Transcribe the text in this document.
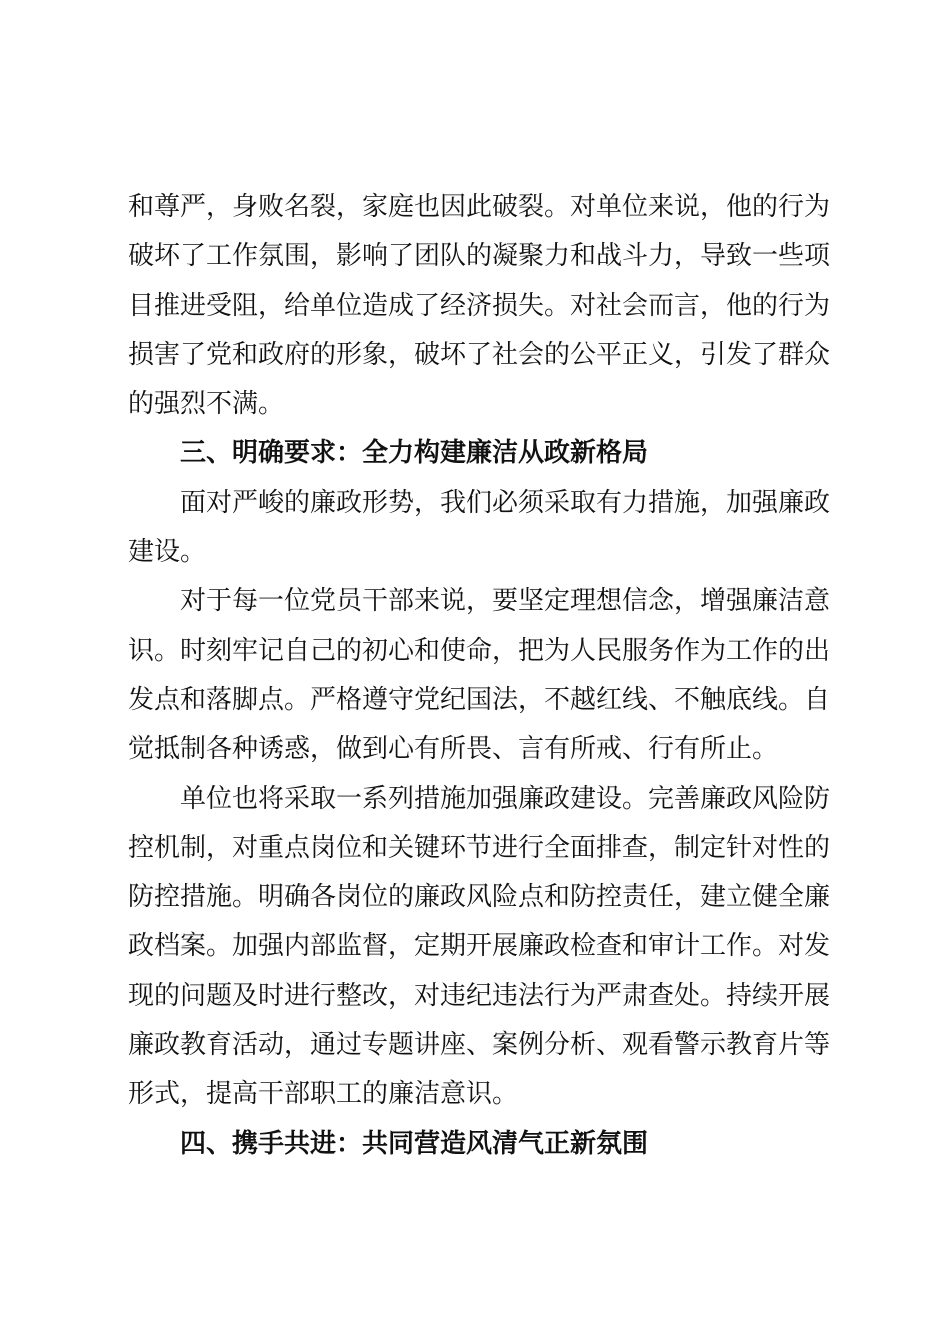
和尊严，身败名裂，家庭也因此破裂。对单位来说，他的行为破坏了工作氛围，影响了团队的凝聚力和战斗力，导致一些项目推进受阻，给单位造成了经济损失。对社会而言，他的行为损害了党和政府的形象，破坏了社会的公平正义，引发了群众的强烈不满。

三、明确要求：全力构建廉洁从政新格局

面对严峻的廉政形势，我们必须采取有力措施，加强廉政建设。

对于每一位党员干部来说，要坚定理想信念，增强廉洁意识。时刻牢记自己的初心和使命，把为人民服务作为工作的出发点和落脚点。严格遵守党纪国法，不越红线、不触底线。自觉抵制各种诱惑，做到心有所畏、言有所戒、行有所止。

单位也将采取一系列措施加强廉政建设。完善廉政风险防控机制，对重点岗位和关键环节进行全面排查，制定针对性的防控措施。明确各岗位的廉政风险点和防控责任，建立健全廉政档案。加强内部监督，定期开展廉政检查和审计工作。对发现的问题及时进行整改，对违纪违法行为严肃查处。持续开展廉政教育活动，通过专题讲座、案例分析、观看警示教育片等形式，提高干部职工的廉洁意识。

四、携手共进：共同营造风清气正新氛围
